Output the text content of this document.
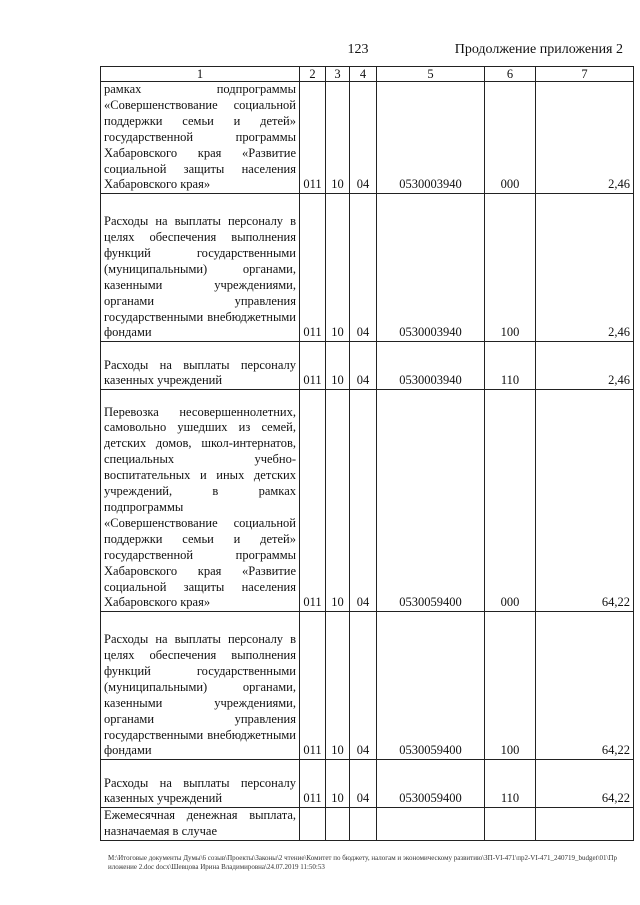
123	Продолжение приложения 2
1	2	3	4	5	6	7
рамках подпрограммы «Совершенствование социальной поддержки семьи и детей» государственной программы Хабаровского края «Развитие социальной защиты населения Хабаровского края»	011	10	04	0530003940	000	2,46
Расходы на выплаты персоналу в целях обеспечения выполнения функций государственными (муниципальными) органами, казенными учреждениями, органами управления государственными внебюджетными фондами	011	10	04	0530003940	100	2,46
Расходы на выплаты персоналу казенных учреждений	011	10	04	0530003940	110	2,46
Перевозка несовершеннолетних, самовольно ушедших из семей, детских домов, школ-интернатов, специальных учебно-воспитательных и иных детских учреждений, в рамках подпрограммы «Совершенствование социальной поддержки семьи и детей» государственной программы Хабаровского края «Развитие социальной защиты населения Хабаровского края»	011	10	04	0530059400	000	64,22
Расходы на выплаты персоналу в целях обеспечения выполнения функций государственными (муниципальными) органами, казенными учреждениями, органами управления государственными внебюджетными фондами	011	10	04	0530059400	100	64,22
Расходы на выплаты персоналу казенных учреждений	011	10	04	0530059400	110	64,22
Ежемесячная денежная выплата, назначаемая в случае						
M:\Итоговые документы Думы\6 созыв\Проекты\Законы\2 чтение\Комитет по бюджету, налогам и экономическому развитию\ЗП-VI-471\пр2-VI-471_240719_budget\01\Приложение 2.doc docx\Шевцова Ирина Владимировна\24.07.2019 11:50:53
